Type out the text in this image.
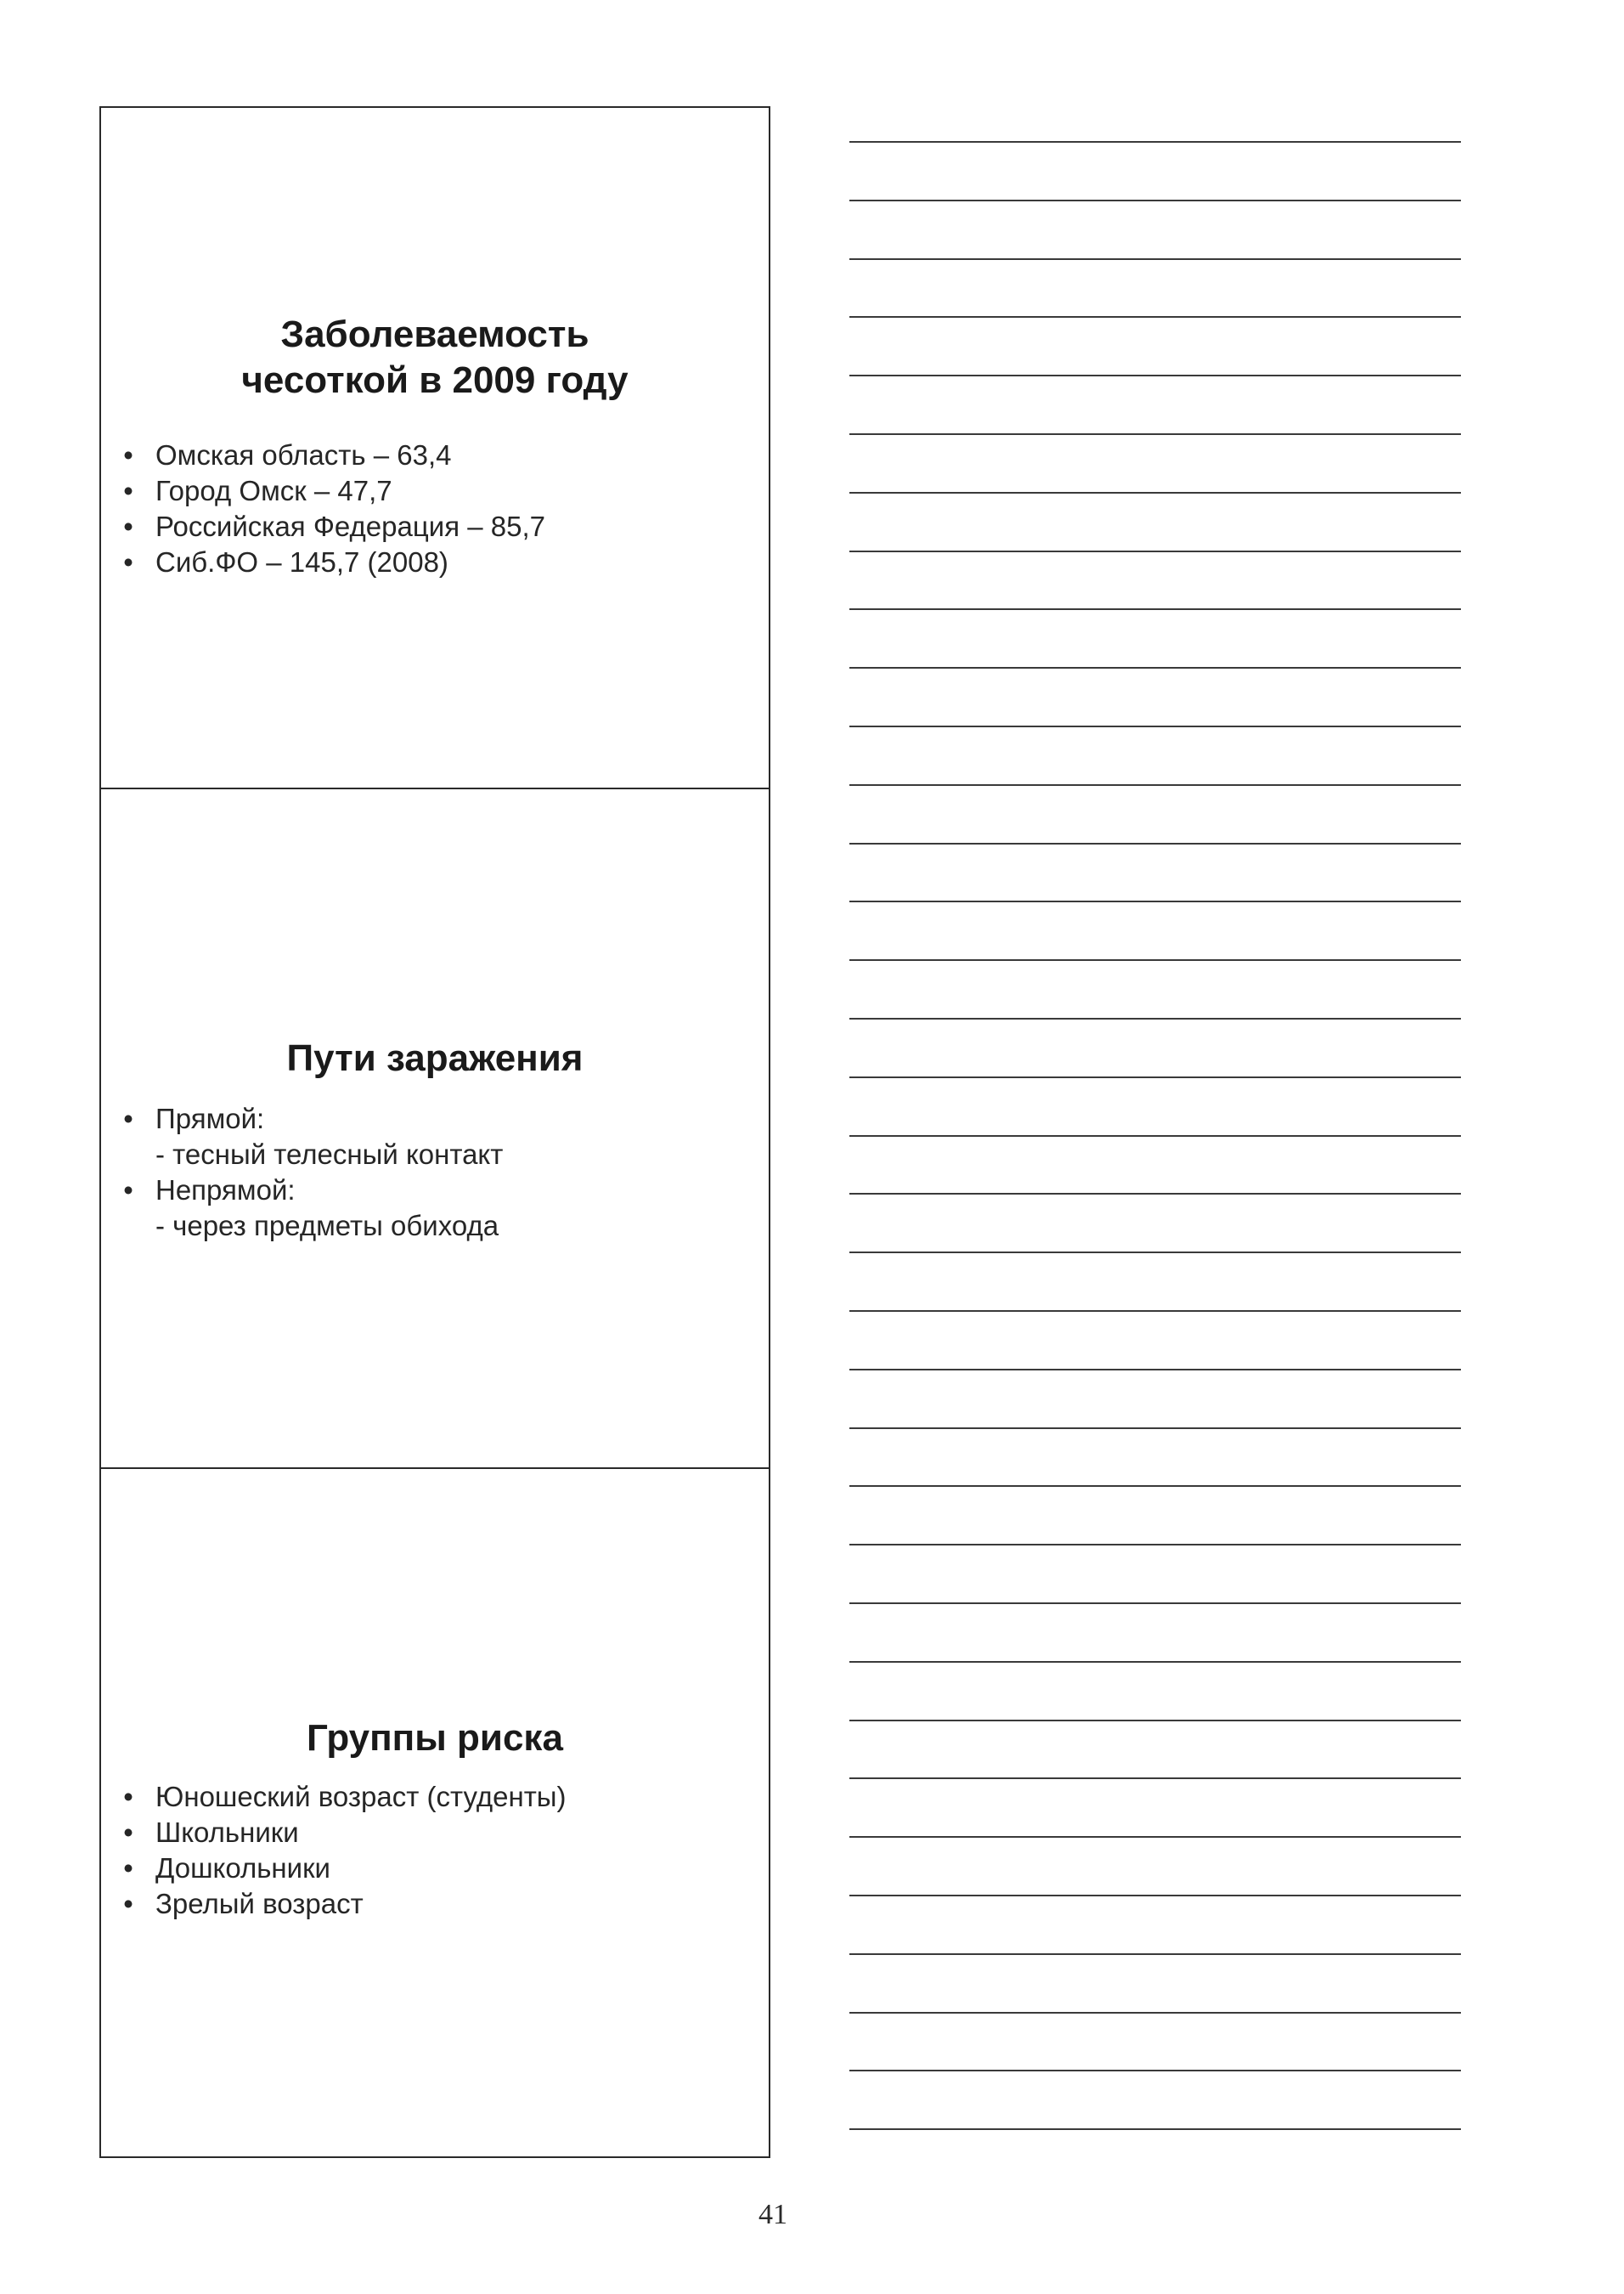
Заболеваемость
чесоткой в 2009 году
• Омская область – 63,4
• Город Омск – 47,7
• Российская Федерация – 85,7
• Сиб.ФО – 145,7 (2008)
Пути заражения
• Прямой:
- тесный телесный контакт
• Непрямой:
- через предметы обихода
Группы риска
• Юношеский возраст (студенты)
• Школьники
• Дошкольники
• Зрелый возраст
41
